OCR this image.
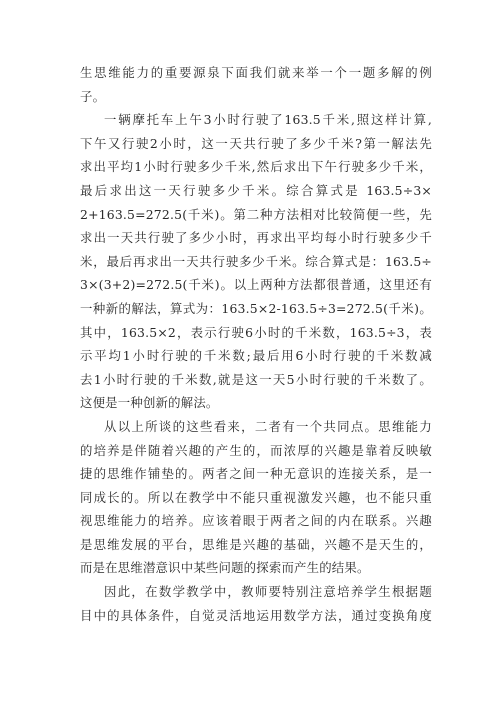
生思维能力的重要源泉下面我们就来举一个一题多解的例
子。
一辆摩托车上午3小时行驶了163.5千米,照这样计算,
下午又行驶2小时，这一天共行驶了多少千米?第一解法先
求出平均1小时行驶多少千米,然后求出下午行驶多少千米，
最后求出这一天行驶多少千米。综合算式是 163.5÷3×
2+163.5=272.5(千米)。第二种方法相对比较简便一些，先
求出一天共行驶了多少小时，再求出平均每小时行驶多少千
米，最后再求出一天共行驶多少千米。综合算式是：163.5÷
3×(3+2)=272.5(千米)。以上两种方法都很普通，这里还有
一种新的解法，算式为：163.5×2-163.5÷3=272.5(千米)。
其中，163.5×2，表示行驶6小时的千米数，163.5÷3，表
示平均1小时行驶的千米数;最后用6小时行驶的千米数减
去1小时行驶的千米数,就是这一天5小时行驶的千米数了。
这便是一种创新的解法。
从以上所谈的这些看来，二者有一个共同点。思维能力
的培养是伴随着兴趣的产生的，而浓厚的兴趣是靠着反映敏
捷的思维作铺垫的。两者之间一种无意识的连接关系，是一
同成长的。所以在教学中不能只重视激发兴趣，也不能只重
视思维能力的培养。应该着眼于两者之间的内在联系。兴趣
是思维发展的平台，思维是兴趣的基础，兴趣不是天生的，
而是在思维潜意识中某些问题的探索而产生的结果。
因此，在数学教学中，教师要特别注意培养学生根据题
目中的具体条件，自觉灵活地运用数学方法，通过变换角度
